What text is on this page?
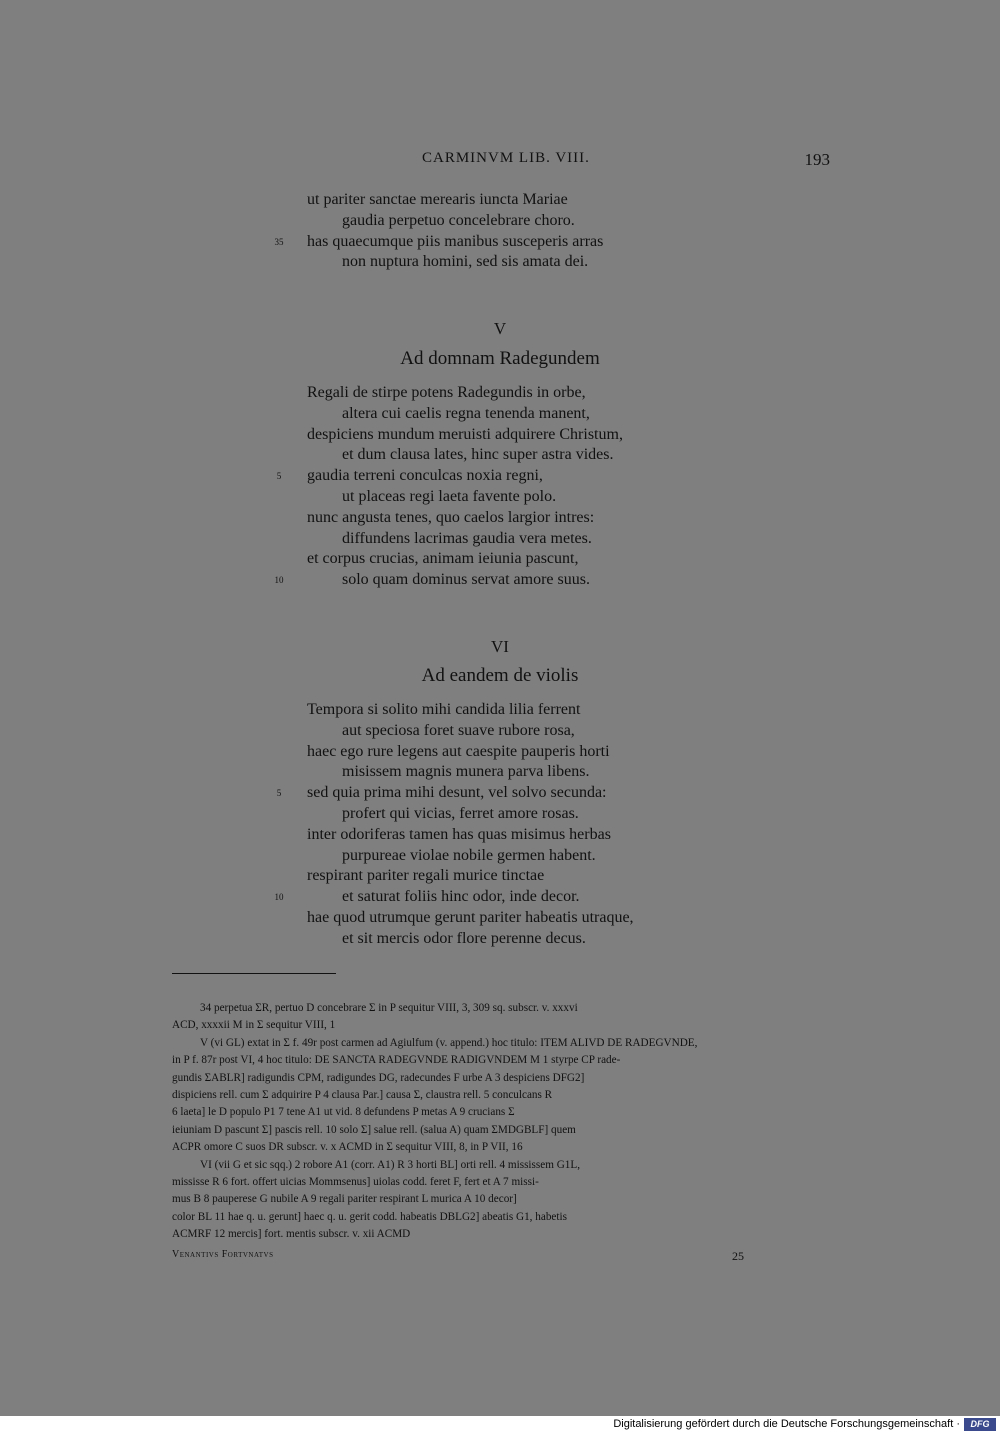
CARMINVM LIB. VIII.	193
ut pariter sanctae merearis iuncta Mariae
gaudia perpetuo concelebrare choro.
35 has quaecumque piis manibus susceperis arras
non nuptura homini, sed sis amata dei.
V
Ad domnam Radegundem
Regali de stirpe potens Radegundis in orbe,
altera cui caelis regna tenenda manent,
despiciens mundum meruisti adquirere Christum,
et dum clausa lates, hinc super astra vides.
5	gaudia terreni conculcas noxia regni,
ut placeas regi laeta favente polo.
nunc angusta tenes, quo caelos largior intres:
diffundens lacrimas gaudia vera metes.
et corpus crucias, animam ieiunia pascunt,
10	solo quam dominus servat amore suus.
VI
Ad eandem de violis
Tempora si solito mihi candida lilia ferrent
aut speciosa foret suave rubore rosa,
haec ego rure legens aut caespite pauperis horti
misissem magnis munera parva libens.
5	sed quia prima mihi desunt, vel solvo secunda:
profert qui vicias, ferret amore rosas.
inter odoriferas tamen has quas misimus herbas
purpureae violae nobile germen habent.
respirant pariter regali murice tinctae
10	et saturat foliis hinc odor, inde decor.
hae quod utrumque gerunt pariter habeatis utraque,
et sit mercis odor flore perenne decus.
34 perpetua ΣR, pertuo D concebrare Σ in P sequitur VIII, 3, 309 sq. subscr. v. xxxvi
ACD, xxxxii M in Σ sequitur VIII, 1
V (vi GL) extat in Σ f. 49r post carmen ad Agiulfum (v. append.) hoc titulo: ITEM ALIVD DE RADEGVNDE,
in P f. 87r post VI, 4 hoc titulo: DE SANCTA RADEGVNDE RADIGVNDEM M 1 styrpe CP rade-
gundis ΣABLR] radigundis CPM, radigundes DG, radecundes F urbe A 3 despiciens DFG2]
dispiciens rell. cum Σ adquirire P 4 clausa Par.] causa Σ, claustra rell. 5 conculcans R
6 laeta] le D populo P1 7 tene A1 ut vid. 8 defundens P metas A 9 crucians Σ
ieiuniam D pascunt Σ] pascis rell. 10 solo Σ] salue rell. (salua A) quam ΣMDGBLF] quem
ACPR omore C suos DR subscr. v. x ACMD in Σ sequitur VIII, 8, in P VII, 16
VI (vii G et sic sqq.) 2 robore A1 (corr. A1) R 3 horti BL] orti rell. 4 mississem G1L,
mississe R 6 fort. offert uicias Mommsenus] uiolas codd. feret F, fert et A 7 missi-
mus B 8 pauperese G nubile A 9 regali pariter respirant L murica A 10 decor]
color BL 11 hae q. u. gerunt] haec q. u. gerit codd. habeatis DBLG2] abeatis G1, habetis
ACMRF 12 mercis] fort. mentis subscr. v. xii ACMD
Venantivs Fortvnatvs	25
Digitalisierung gefördert durch die Deutsche Forschungsgemeinschaft ·	DFG
